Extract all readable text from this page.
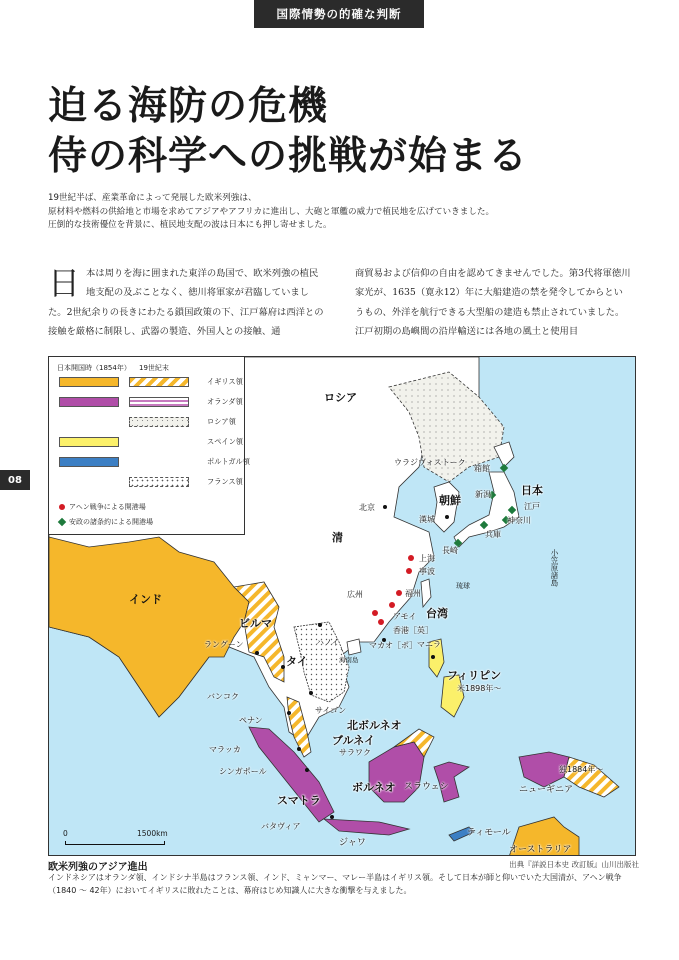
国際情勢の的確な判断
迫る海防の危機
侍の科学への挑戦が始まる
19世紀半ば、産業革命によって発展した欧米列強は、
原材料や燃料の供給地と市場を求めてアジアやアフリカに進出し、大砲と軍艦の威力で植民地を広げていきました。
圧倒的な技術優位を背景に、植民地支配の波は日本にも押し寄せました。
日 本は周りを海に囲まれた東洋の島国で、欧米列強の植民地支配の及ぶことなく、徳川将軍家が君臨していました。2世紀余りの長きにわたる鎖国政策の下、江戸幕府は西洋との接触を厳格に制限し、武器の製造、外国人との接触、通
商貿易および信仰の自由を認めてきませんでした。第3代将軍徳川家光が、1635（寛永12）年に大船建造の禁を発令してからというもの、外洋を航行できる大型船の建造も禁止されていました。江戸初期の島嶼間の沿岸輸送には各地の風土と使用目
08
日本開国時（1854年） 19世紀末
イギリス領
オランダ領
ロシア領
スペイン領
ポルトガル領
フランス領
アヘン戦争による開港場
安政の諸条約による開港場
ロシア
ウラジヴォストーク
箱館
日本
新潟
江戸
神奈川
兵庫
長崎
北京
朝鮮
漢城
清
上海
寧波
琉球	小笠原諸島
広州	福州
アモイ 台湾
香港［英］
マカオ［ポ］
ハノイ
海南島
インド
ビルマ
ラングーン
タイ
マニラ
フィリピン
米1898年～
バンコク
サイゴン
北ボルネオ
ペナン
ブルネイ
サラワク
マラッカ
シンガポール
ボルネオ スラウェシ
独1884年～
ニューギニア
スマトラ
バタヴィア
ジャワ
ティモール
オーストラリア
0	1500km
欧米列強のアジア進出	出典『詳説日本史 改訂版』山川出版社
インドネシアはオランダ領、インドシナ半島はフランス領、インド、ミャンマー、マレー半島はイギリス領。そして日本が師と仰いでいた大国清が、アヘン戦争（1840 ～ 42年）においてイギリスに敗れたことは、幕府はじめ知識人に大きな衝撃を与えました。
